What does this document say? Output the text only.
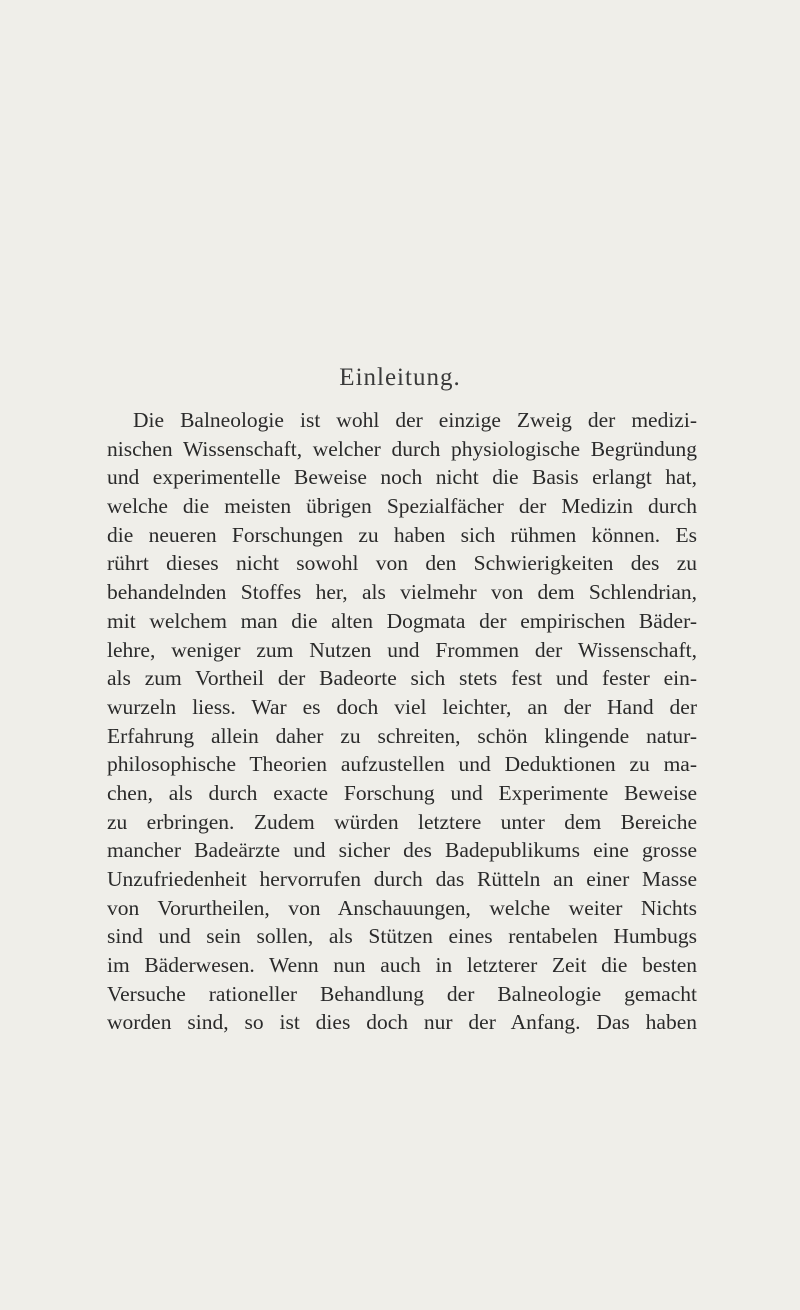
Einleitung.
Die Balneologie ist wohl der einzige Zweig der medizi-
nischen Wissenschaft, welcher durch physiologische Begründung
und experimentelle Beweise noch nicht die Basis erlangt hat,
welche die meisten übrigen Spezialfächer der Medizin durch
die neueren Forschungen zu haben sich rühmen können. Es
rührt dieses nicht sowohl von den Schwierigkeiten des zu
behandelnden Stoffes her, als vielmehr von dem Schlendrian,
mit welchem man die alten Dogmata der empirischen Bäder-
lehre, weniger zum Nutzen und Frommen der Wissenschaft,
als zum Vortheil der Badeorte sich stets fest und fester ein-
wurzeln liess. War es doch viel leichter, an der Hand der
Erfahrung allein daher zu schreiten, schön klingende natur-
philosophische Theorien aufzustellen und Deduktionen zu ma-
chen, als durch exacte Forschung und Experimente Beweise
zu erbringen. Zudem würden letztere unter dem Bereiche
mancher Badeärzte und sicher des Badepublikums eine grosse
Unzufriedenheit hervorrufen durch das Rütteln an einer Masse
von Vorurtheilen, von Anschauungen, welche weiter Nichts
sind und sein sollen, als Stützen eines rentabelen Humbugs
im Bäderwesen. Wenn nun auch in letzterer Zeit die besten
Versuche rationeller Behandlung der Balneologie gemacht
worden sind, so ist dies doch nur der Anfang. Das haben
